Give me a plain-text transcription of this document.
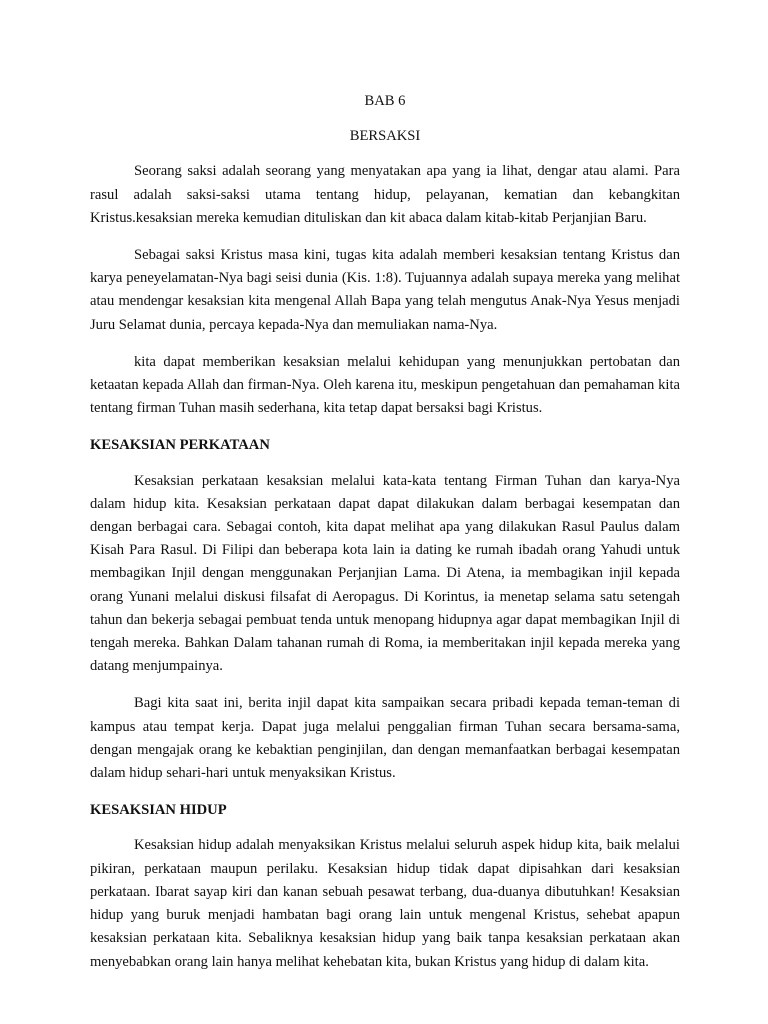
BAB 6
BERSAKSI

Seorang saksi adalah seorang yang menyatakan apa yang ia lihat, dengar atau alami. Para rasul adalah saksi-saksi utama tentang hidup, pelayanan, kematian dan kebangkitan Kristus.kesaksian mereka kemudian dituliskan dan kit abaca dalam kitab-kitab Perjanjian Baru.

Sebagai saksi Kristus masa kini, tugas kita adalah memberi kesaksian tentang Kristus dan karya peneyelamatan-Nya bagi seisi dunia (Kis. 1:8). Tujuannya adalah supaya mereka yang melihat atau mendengar kesaksian kita mengenal Allah Bapa yang telah mengutus Anak-Nya Yesus menjadi Juru Selamat dunia, percaya kepada-Nya dan memuliakan nama-Nya.

kita dapat memberikan kesaksian melalui kehidupan yang menunjukkan pertobatan dan ketaatan kepada Allah dan firman-Nya. Oleh karena itu, meskipun pengetahuan dan pemahaman kita tentang firman Tuhan masih sederhana, kita tetap dapat bersaksi bagi Kristus.

KESAKSIAN PERKATAAN

Kesaksian perkataan kesaksian melalui kata-kata tentang Firman Tuhan dan karya-Nya dalam hidup kita. Kesaksian perkataan dapat dapat dilakukan dalam berbagai kesempatan dan dengan berbagai cara. Sebagai contoh, kita dapat melihat apa yang dilakukan Rasul Paulus dalam Kisah Para Rasul. Di Filipi dan beberapa kota lain ia dating ke rumah ibadah orang Yahudi untuk membagikan Injil dengan menggunakan Perjanjian Lama. Di Atena, ia membagikan injil kepada orang Yunani melalui diskusi filsafat di Aeropagus. Di Korintus, ia menetap selama satu setengah tahun dan bekerja sebagai pembuat tenda untuk menopang hidupnya agar dapat membagikan Injil di tengah mereka. Bahkan Dalam tahanan rumah di Roma, ia memberitakan injil kepada mereka yang datang menjumpainya.

Bagi kita saat ini, berita injil dapat kita sampaikan secara pribadi kepada teman-teman di kampus atau tempat kerja. Dapat juga melalui penggalian firman Tuhan secara bersama-sama, dengan mengajak orang ke kebaktian penginjilan, dan dengan memanfaatkan berbagai kesempatan dalam hidup sehari-hari untuk menyaksikan Kristus.

KESAKSIAN HIDUP

Kesaksian hidup adalah menyaksikan Kristus melalui seluruh aspek hidup kita, baik melalui pikiran, perkataan maupun perilaku. Kesaksian hidup tidak dapat dipisahkan dari kesaksian perkataan. Ibarat sayap kiri dan kanan sebuah pesawat terbang, dua-duanya dibutuhkan! Kesaksian hidup yang buruk menjadi hambatan bagi orang lain untuk mengenal Kristus, sehebat apapun kesaksian perkataan kita. Sebaliknya kesaksian hidup yang baik tanpa kesaksian perkataan akan menyebabkan orang lain hanya melihat kehebatan kita, bukan Kristus yang hidup di dalam kita.
